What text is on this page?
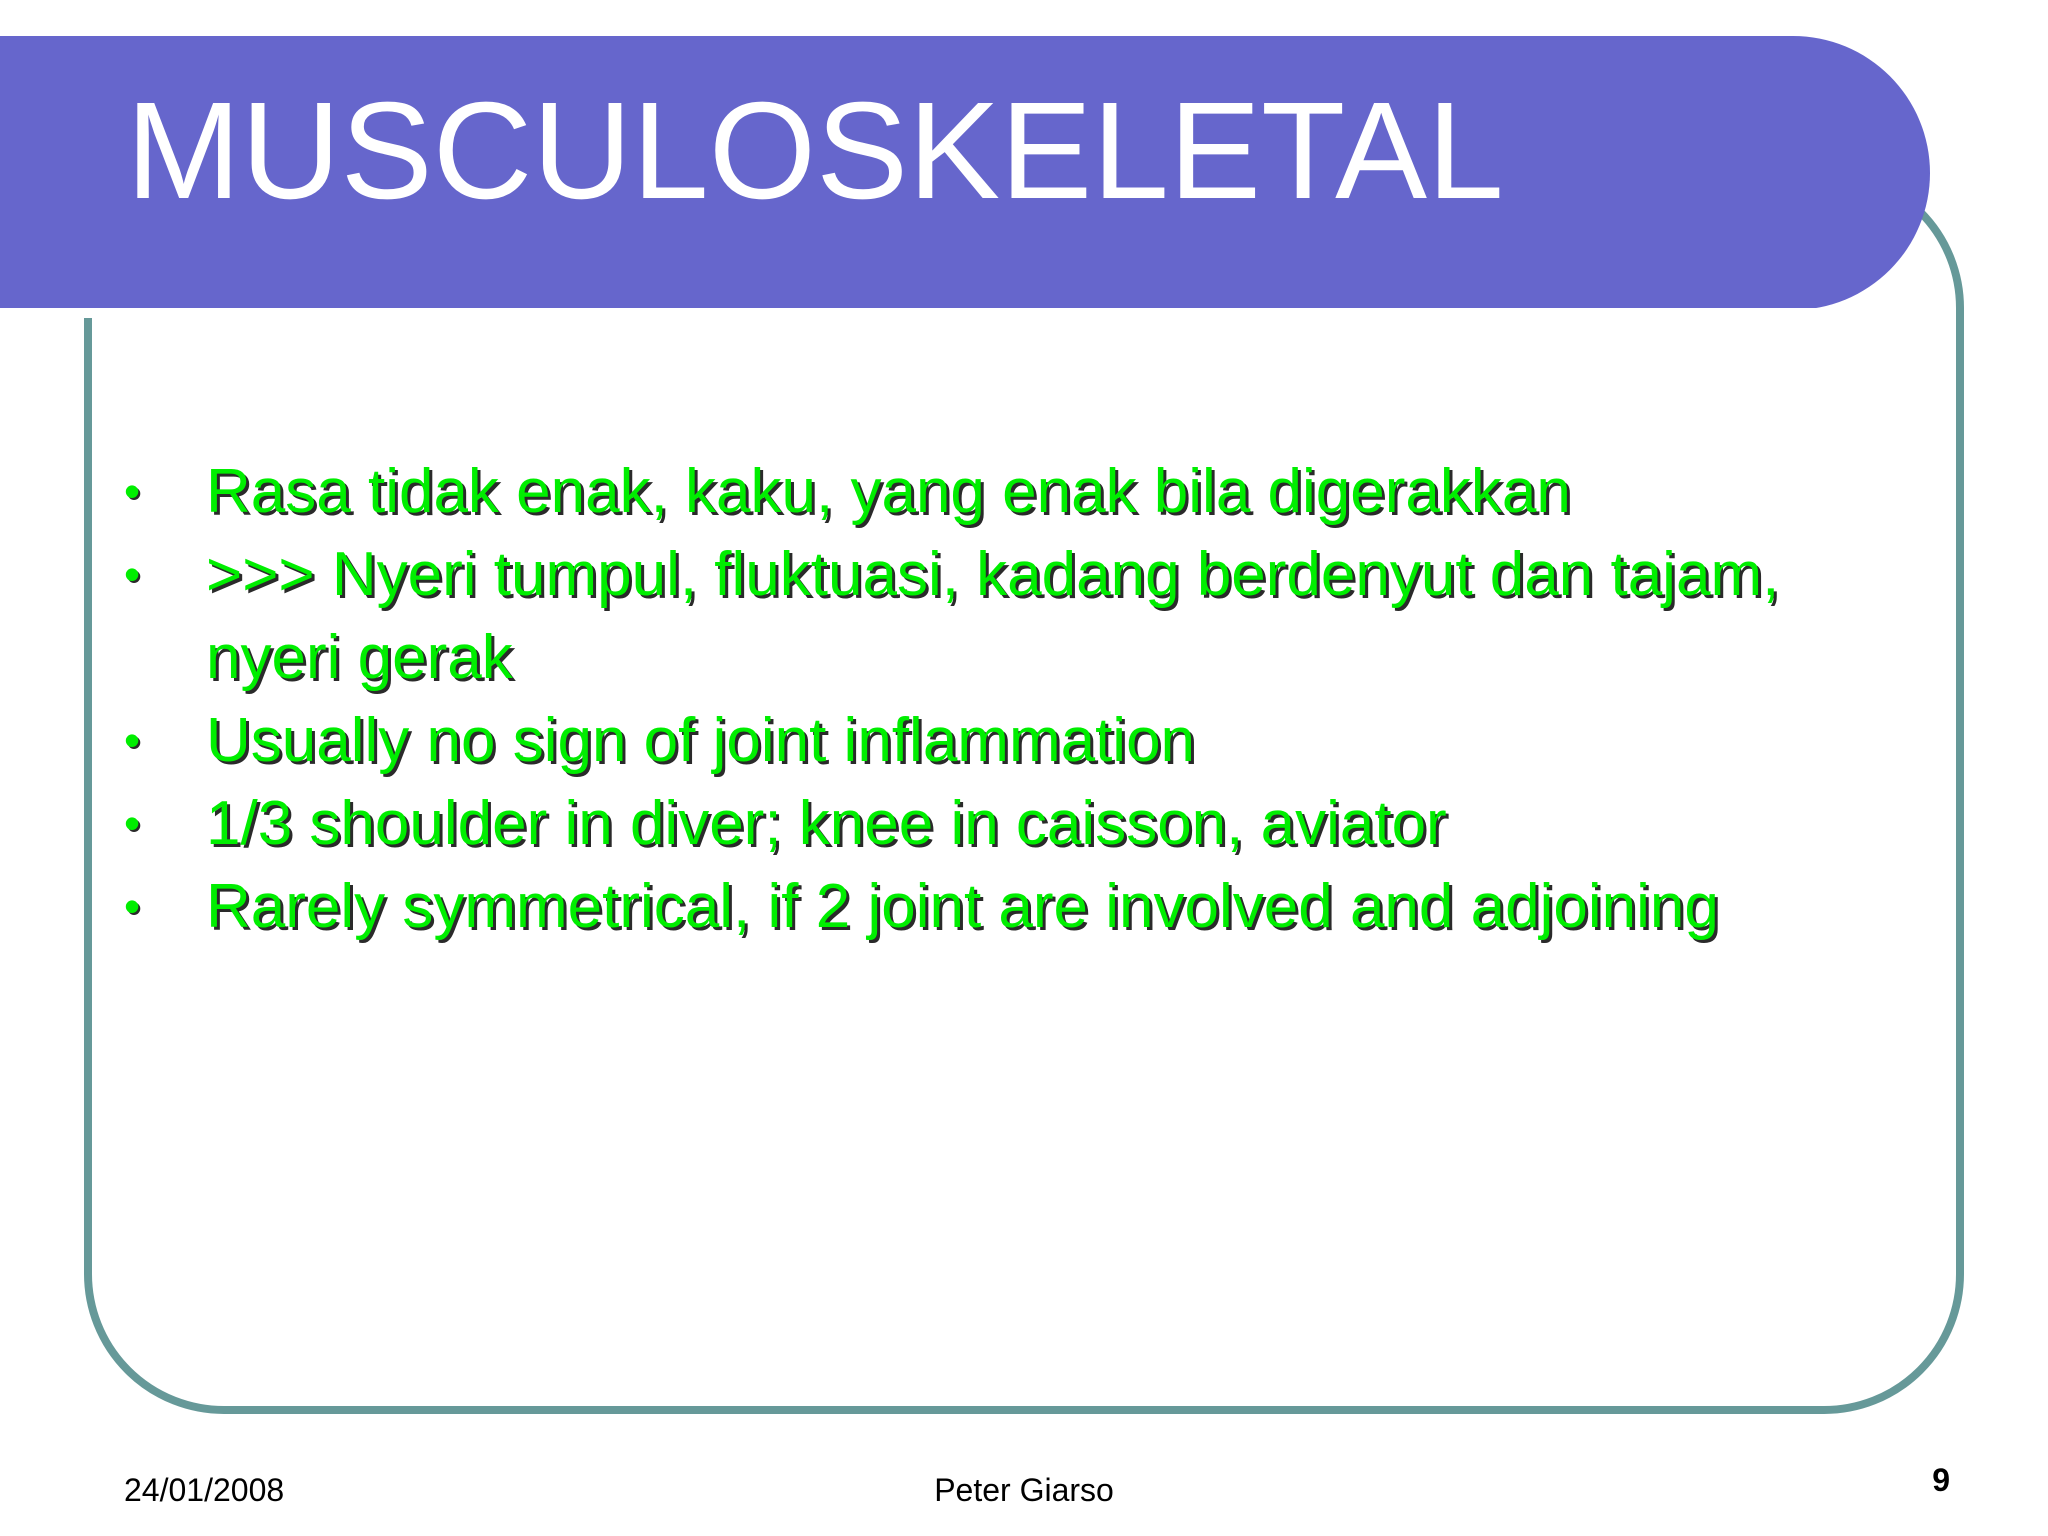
MUSCULOSKELETAL
•	Rasa tidak enak, kaku, yang enak bila digerakkan
•	>>> Nyeri tumpul, fluktuasi, kadang berdenyut dan tajam, nyeri gerak
•	Usually no sign of joint inflammation
•	1/3 shoulder in diver; knee in caisson, aviator
•	Rarely symmetrical, if 2 joint are involved and adjoining
24/01/2008	Peter Giarso	9
